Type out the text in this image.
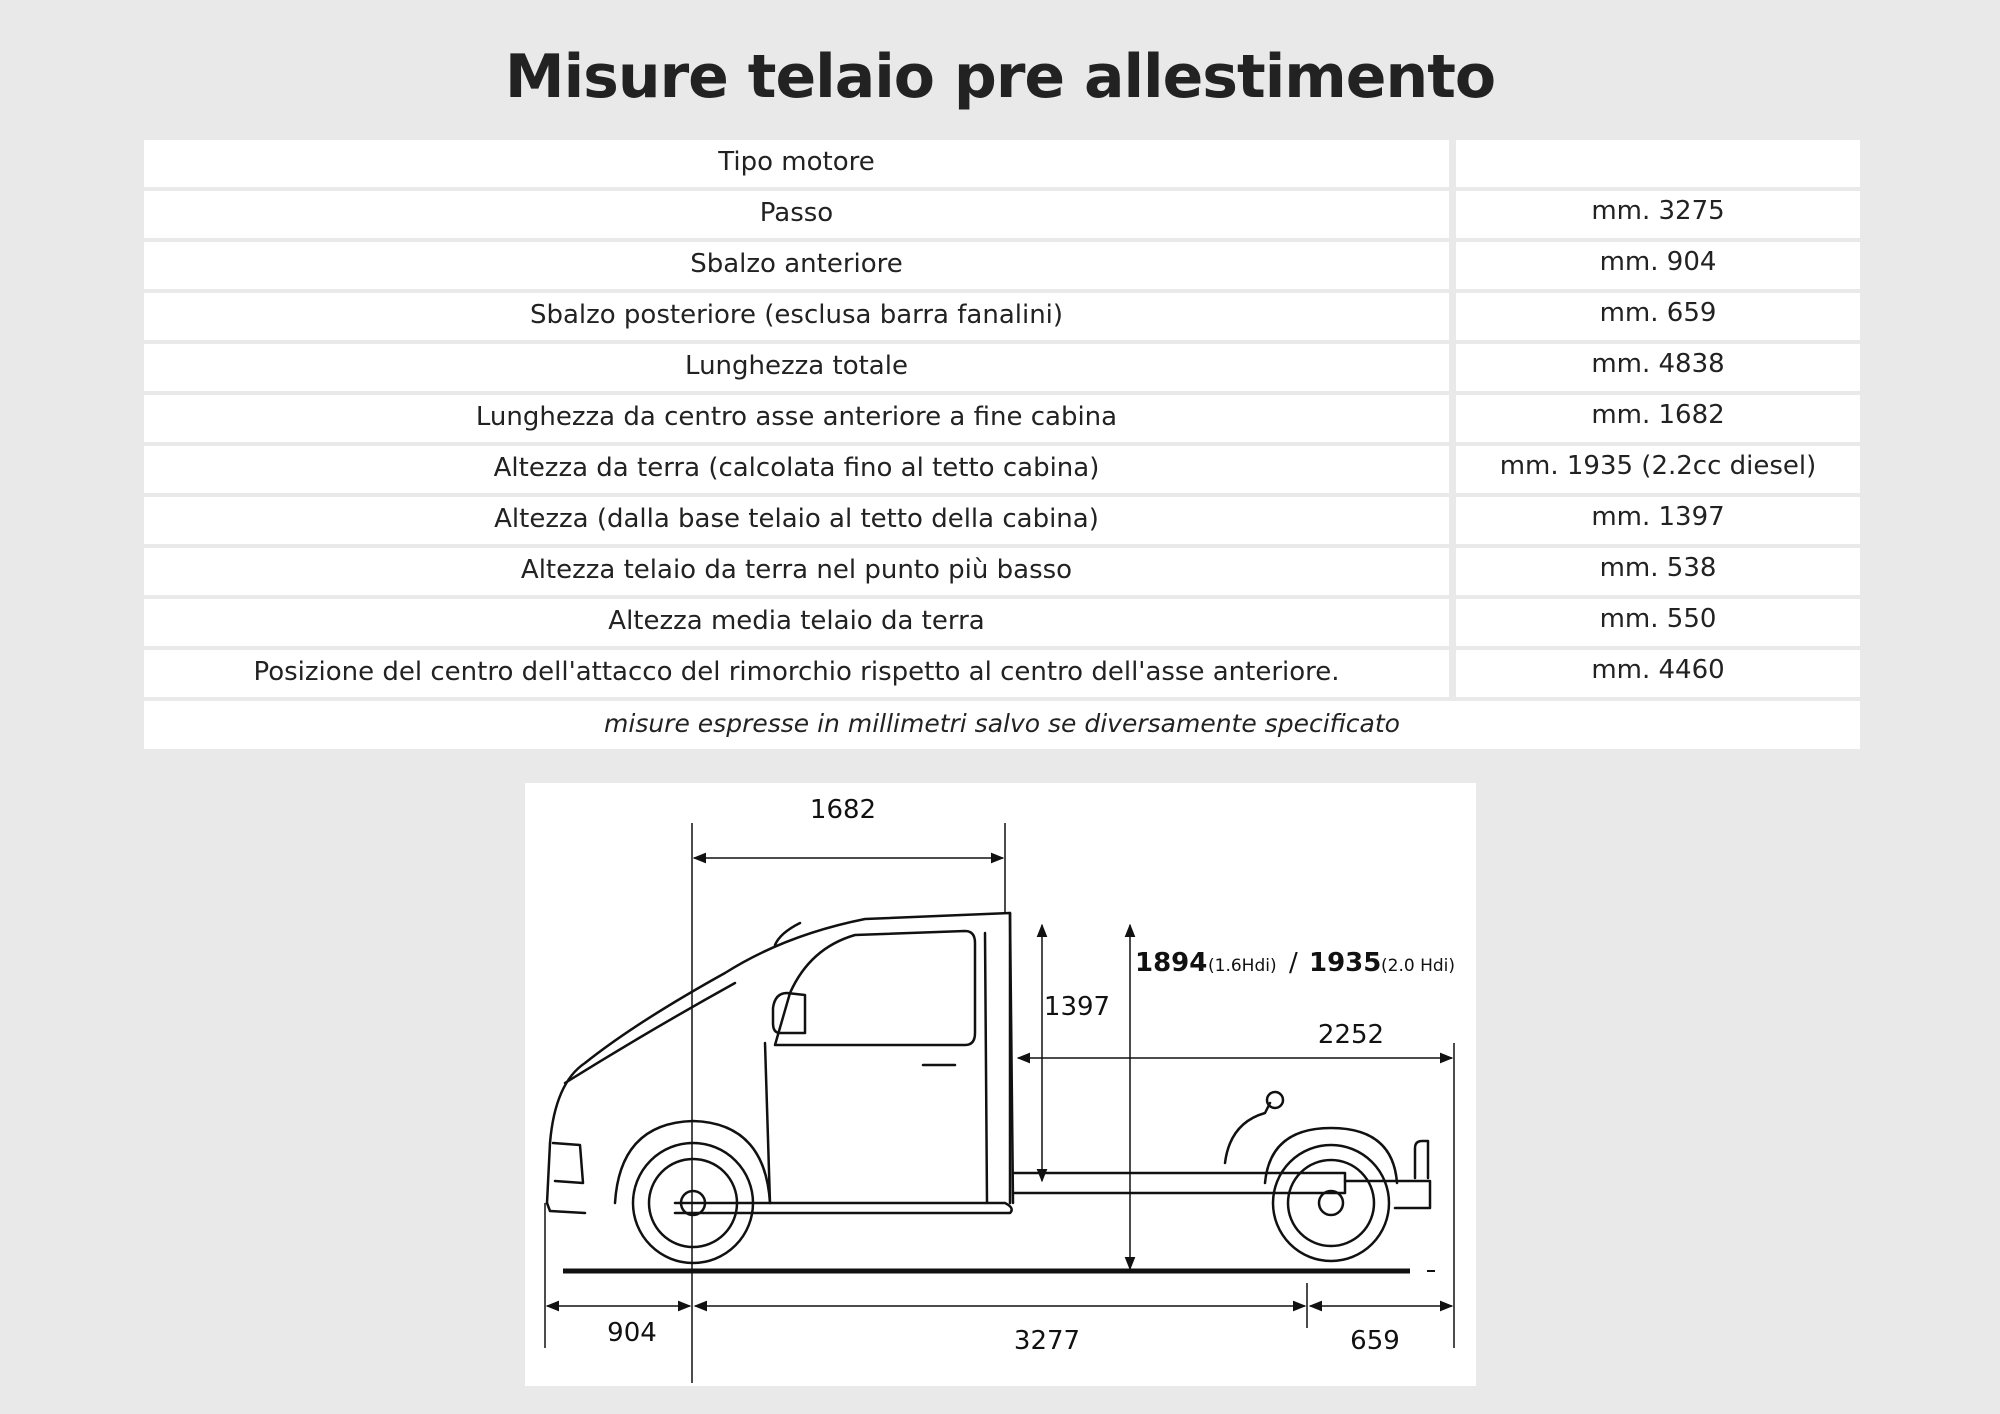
Misure telaio pre allestimento
Tipo motore
Passo	mm. 3275
Sbalzo anteriore	mm. 904
Sbalzo posteriore (esclusa barra fanalini)	mm. 659
Lunghezza totale	mm. 4838
Lunghezza da centro asse anteriore a fine cabina	mm. 1682
Altezza da terra (calcolata fino al tetto cabina)	mm. 1935 (2.2cc diesel)
Altezza (dalla base telaio al tetto della cabina)	mm. 1397
Altezza telaio da terra nel punto più basso	mm. 538
Altezza media telaio da terra	mm. 550
Posizione del centro dell'attacco del rimorchio rispetto al centro dell'asse anteriore.	mm. 4460
misure espresse in millimetri salvo se diversamente specificato
1682
1397
1894 (1.6Hdi) / 1935 (2.0 Hdi)
2252
904	3277	659
